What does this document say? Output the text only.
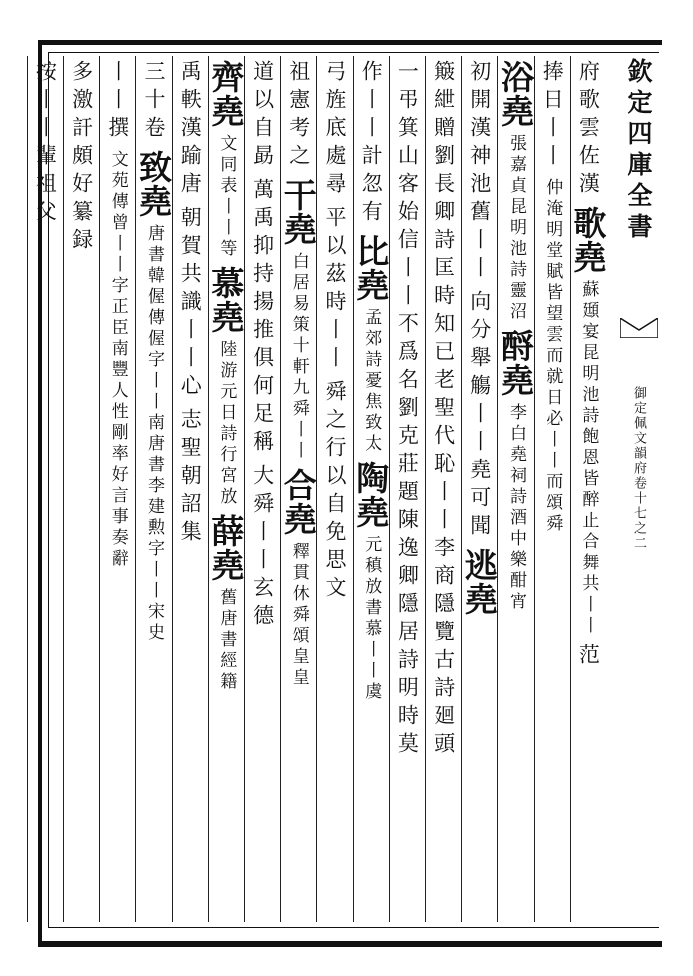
欽定四庫全書
御定佩文韻府卷十七之二
府歌雲佐漢
歌堯
蘇頲宴昆明池詩飽恩皆醉止合舞共丨丨
范
捧日丨丨
仲淹明堂賦皆望雲而就日必丨丨而頌舜
浴堯
張嘉貞昆明池詩靈沼
酹堯
李白堯祠詩酒中樂酣宵
初開漢神池舊丨丨
向分舉觴丨丨堯可聞
逃堯
簸紲贈劉長卿詩匡時知已老聖代恥丨丨李商隱覽古詩廻頭
一弔箕山客始信丨丨不爲名劉克莊題陳逸卿隱居詩明時莫
作丨丨計忽有
比堯
孟郊詩憂焦致太
陶堯
元稹放書慕丨丨虞
弓旌底處尋
平以茲時丨丨
舜之行以自免思文
祖憲考之
干堯
白居易策十軒九舜丨丨
合堯
釋貫休舜頌皇皇
道以自勗
萬禹抑持揚推俱何足稱
大舜丨丨玄德
齊堯
文同表丨丨等
慕堯
陸游元日詩行宮放
薛堯
舊唐書經籍
禹軼漢踰唐
朝賀共識丨丨心
志聖朝詔集
三十卷
致堯
唐書韓偓傳偓字丨丨南唐書李建勲字丨丨宋史
丨丨撰
文苑傳曾丨丨字正臣南豐人性剛率好言事奏辭
多激訐頗好纂録
按丨丨輩祖父
